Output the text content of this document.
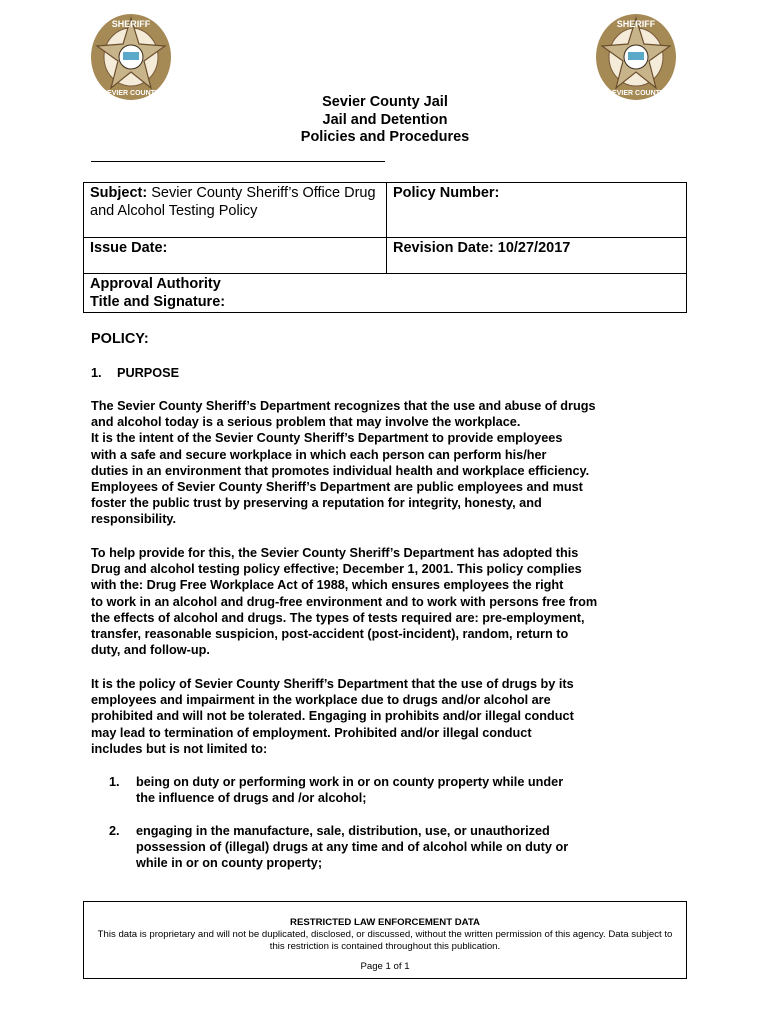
SHERIFF
SEVIER COUNTY
SHERIFF
SEVIER COUNTY
Sevier County Jail
Jail and Detention
Policies and Procedures
Subject: Sevier County Sheriff’s Office Drug and Alcohol Testing Policy	Policy Number:
Issue Date:	Revision Date: 10/27/2017

Approval Authority
Title and Signature:	
POLICY:
1. PURPOSE
The Sevier County Sheriff’s Department recognizes that the use and abuse of drugs
and alcohol today is a serious problem that may involve the workplace.
It is the intent of the Sevier County Sheriff’s Department to provide employees
with a safe and secure workplace in which each person can perform his/her
duties in an environment that promotes individual health and workplace efficiency.
Employees of Sevier County Sheriff’s Department are public employees and must
foster the public trust by preserving a reputation for integrity, honesty, and
responsibility.
To help provide for this, the Sevier County Sheriff’s Department has adopted this
Drug and alcohol testing policy effective; December 1, 2001. This policy complies
with the: Drug Free Workplace Act of 1988, which ensures employees the right
to work in an alcohol and drug-free environment and to work with persons free from
the effects of alcohol and drugs. The types of tests required are: pre-employment,
transfer, reasonable suspicion, post-accident (post-incident), random, return to
duty, and follow-up.
It is the policy of Sevier County Sheriff’s Department that the use of drugs by its
employees and impairment in the workplace due to drugs and/or alcohol are
prohibited and will not be tolerated. Engaging in prohibits and/or illegal conduct
may lead to termination of employment. Prohibited and/or illegal conduct
includes but is not limited to:
1. being on duty or performing work in or on county property while under
the influence of drugs and /or alcohol;
2. engaging in the manufacture, sale, distribution, use, or unauthorized
possession of (illegal) drugs at any time and of alcohol while on duty or
while in or on county property;
RESTRICTED LAW ENFORCEMENT DATA
This data is proprietary and will not be duplicated, disclosed, or discussed, without the written permission of this agency. Data subject to this restriction is contained throughout this publication.
Page 1 of 1
